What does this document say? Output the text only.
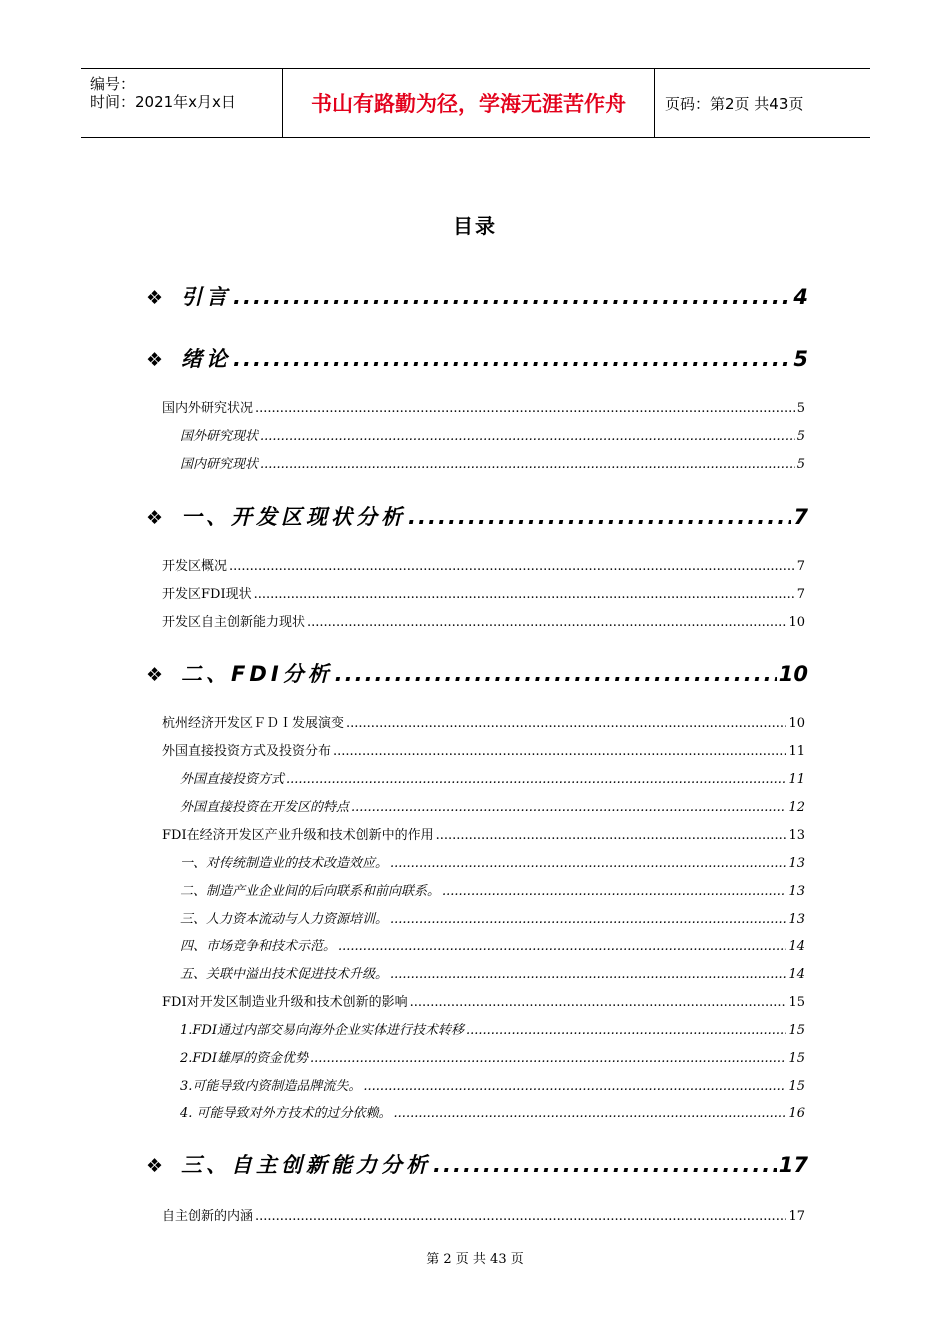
编号：
时间：2021年x月x日	书山有路勤为径，学海无涯苦作舟	页码：第2页 共43页
目录
❖ 引言 .....	4
❖ 绪论 .....	5
国内外研究状况 .....	5
国外研究现状 .....	5
国内研究现状 .....	5
❖ 一、开发区现状分析 .....	7
开发区概况 .....	7
开发区FDI现状 .....	7
开发区自主创新能力现状 .....	10
❖ 二、FDI分析 .....	10
杭州经济开发区ＦＤＩ发展演变 .....	10
外国直接投资方式及投资分布 .....	11
外国直接投资方式 .....	11
外国直接投资在开发区的特点 .....	12
FDI在经济开发区产业升级和技术创新中的作用 .....	13
一、对传统制造业的技术改造效应。 .....	13
二、制造产业企业间的后向联系和前向联系。 .....	13
三、人力资本流动与人力资源培训。 .....	13
四、市场竞争和技术示范。 .....	14
五、关联中溢出技术促进技术升级。 .....	14
FDI对开发区制造业升级和技术创新的影响 .....	15
1.FDI通过内部交易向海外企业实体进行技术转移 .....	15
2.FDI雄厚的资金优势 .....	15
3.可能导致内资制造品牌流失。 .....	15
4. 可能导致对外方技术的过分依赖。 .....	16
❖ 三、自主创新能力分析 .....	17
自主创新的内涵 .....	17
第 2 页 共 43 页
